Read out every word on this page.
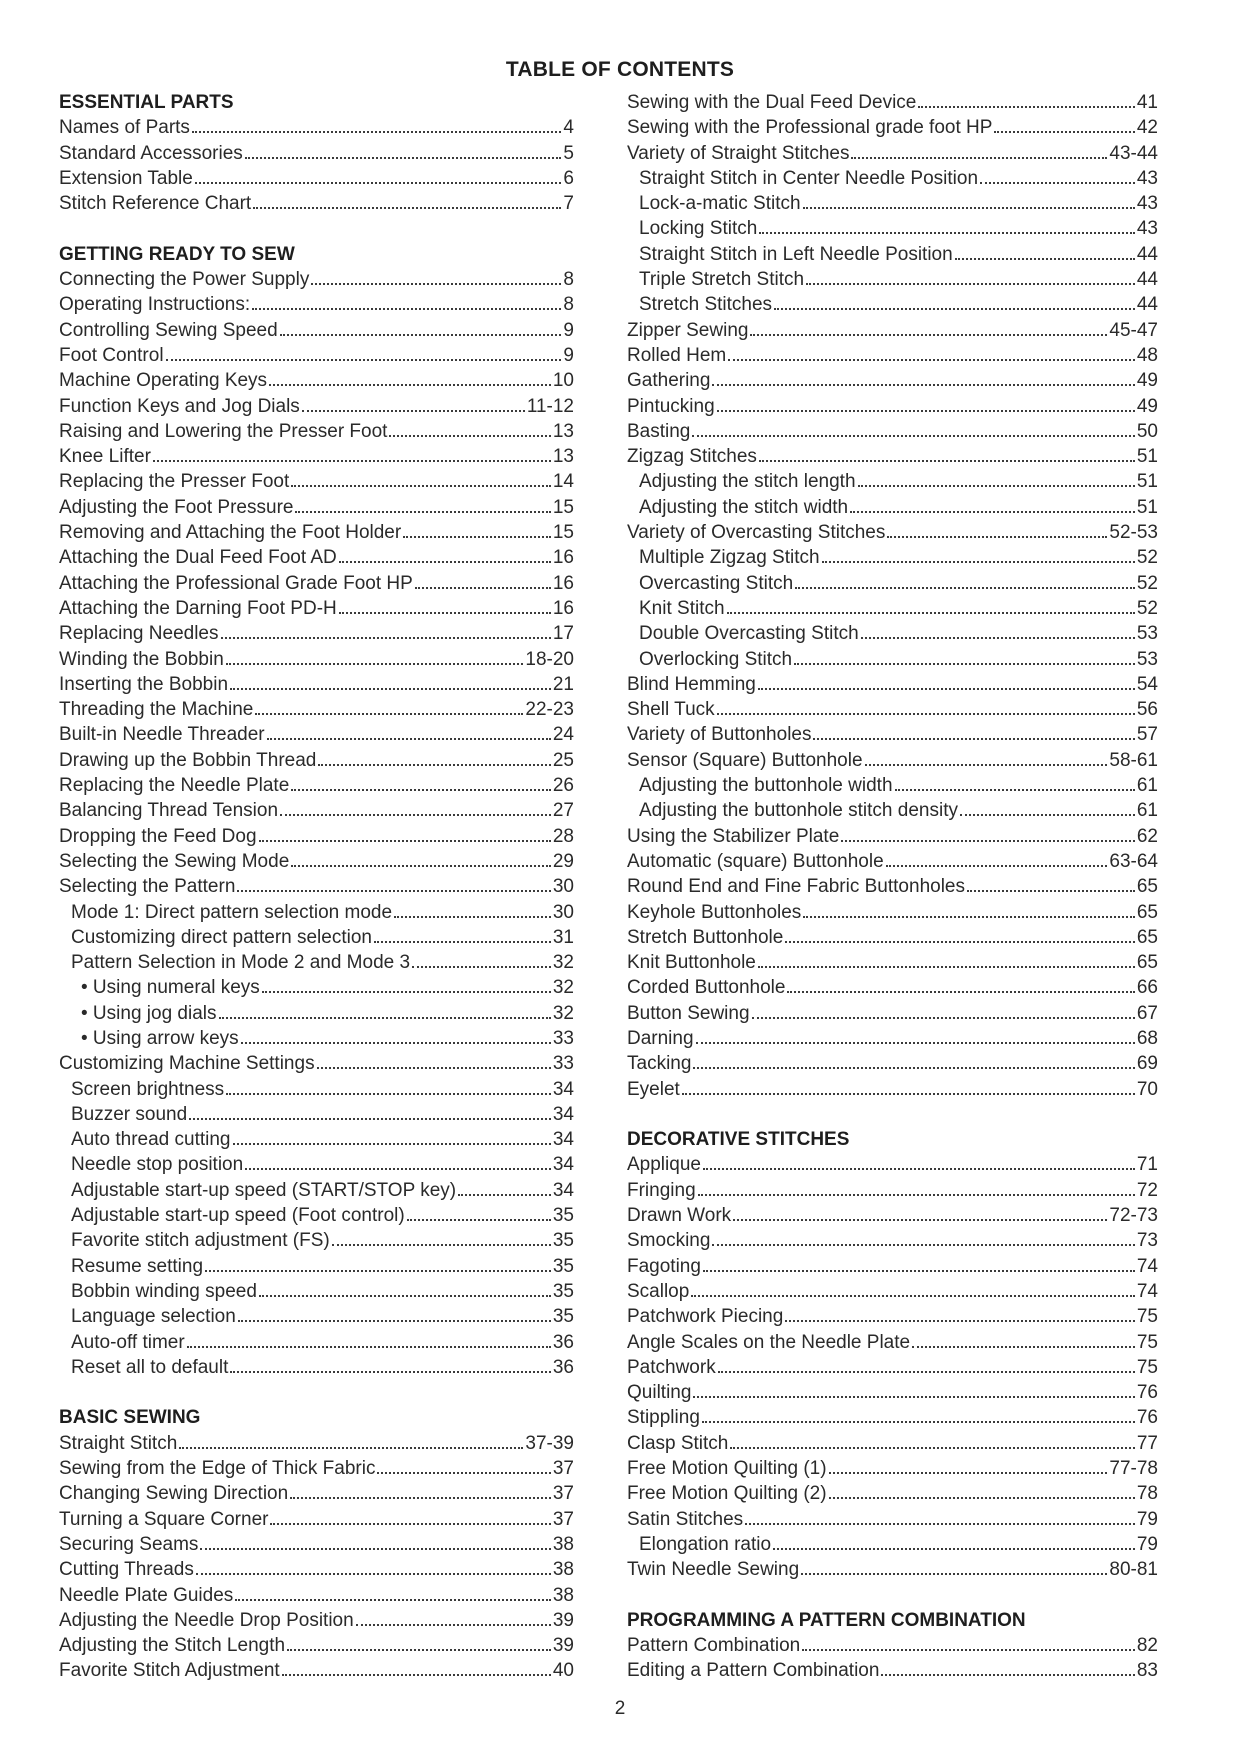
TABLE OF CONTENTS
ESSENTIAL PARTS
Names of Parts	4
Standard Accessories	5
Extension Table	6
Stitch Reference Chart	7
GETTING READY TO SEW
Connecting the Power Supply	8
Operating Instructions:	8
Controlling Sewing Speed	9
Foot Control	9
Machine Operating Keys	10
Function Keys and Jog Dials	11-12
Raising and Lowering the Presser Foot	13
Knee Lifter	13
Replacing the Presser Foot	14
Adjusting the Foot Pressure	15
Removing and Attaching the Foot Holder	15
Attaching the Dual Feed Foot AD	16
Attaching the Professional Grade Foot HP	16
Attaching the Darning Foot PD-H	16
Replacing Needles	17
Winding the Bobbin	18-20
Inserting the Bobbin	21
Threading the Machine	22-23
Built-in Needle Threader	24
Drawing up the Bobbin Thread	25
Replacing the Needle Plate	26
Balancing Thread Tension	27
Dropping the Feed Dog	28
Selecting the Sewing Mode	29
Selecting the Pattern	30
Mode 1: Direct pattern selection mode	30
Customizing direct pattern selection	31
Pattern Selection in Mode 2 and Mode 3	32
• Using numeral keys	32
• Using jog dials	32
• Using arrow keys	33
Customizing Machine Settings	33
Screen brightness	34
Buzzer sound	34
Auto thread cutting	34
Needle stop position	34
Adjustable start-up speed (START/STOP key)	34
Adjustable start-up speed (Foot control)	35
Favorite stitch adjustment (FS)	35
Resume setting	35
Bobbin winding speed	35
Language selection	35
Auto-off timer	36
Reset all to default	36
BASIC SEWING
Straight Stitch	37-39
Sewing from the Edge of Thick Fabric	37
Changing Sewing Direction	37
Turning a Square Corner	37
Securing Seams	38
Cutting Threads	38
Needle Plate Guides	38
Adjusting the Needle Drop Position	39
Adjusting the Stitch Length	39
Favorite Stitch Adjustment	40
Sewing with the Dual Feed Device	41
Sewing with the Professional grade foot HP	42
Variety of Straight Stitches	43-44
Straight Stitch in Center Needle Position	43
Lock-a-matic Stitch	43
Locking Stitch	43
Straight Stitch in Left Needle Position	44
Triple Stretch Stitch	44
Stretch Stitches	44
Zipper Sewing	45-47
Rolled Hem	48
Gathering	49
Pintucking	49
Basting	50
Zigzag Stitches	51
Adjusting the stitch length	51
Adjusting the stitch width	51
Variety of Overcasting Stitches	52-53
Multiple Zigzag Stitch	52
Overcasting Stitch	52
Knit Stitch	52
Double Overcasting Stitch	53
Overlocking Stitch	53
Blind Hemming	54
Shell Tuck	56
Variety of Buttonholes	57
Sensor (Square) Buttonhole	58-61
Adjusting the buttonhole width	61
Adjusting the buttonhole stitch density	61
Using the Stabilizer Plate	62
Automatic (square) Buttonhole	63-64
Round End and Fine Fabric Buttonholes	65
Keyhole Buttonholes	65
Stretch Buttonhole	65
Knit Buttonhole	65
Corded Buttonhole	66
Button Sewing	67
Darning	68
Tacking	69
Eyelet	70
DECORATIVE STITCHES
Applique	71
Fringing	72
Drawn Work	72-73
Smocking	73
Fagoting	74
Scallop	74
Patchwork Piecing	75
Angle Scales on the Needle Plate	75
Patchwork	75
Quilting	76
Stippling	76
Clasp Stitch	77
Free Motion Quilting (1)	77-78
Free Motion Quilting (2)	78
Satin Stitches	79
Elongation ratio	79
Twin Needle Sewing	80-81
PROGRAMMING A PATTERN COMBINATION
Pattern Combination	82
Editing a Pattern Combination	83
2
